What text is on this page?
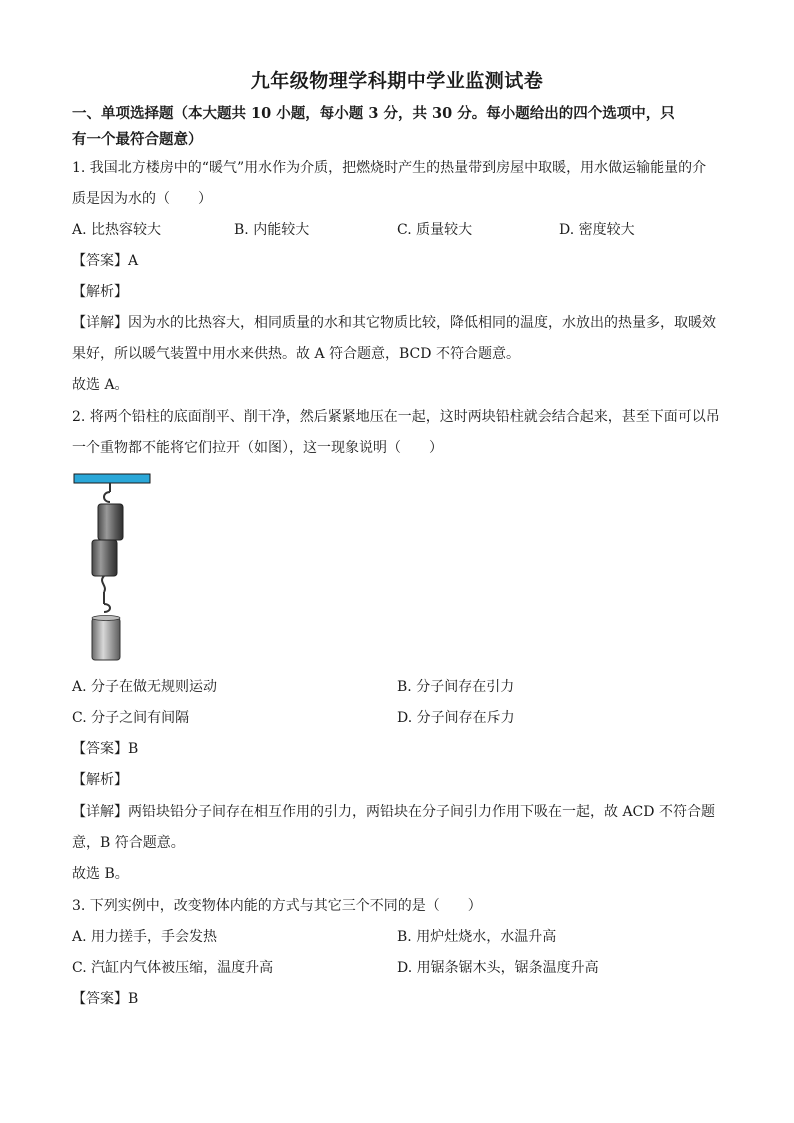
九年级物理学科期中学业监测试卷
一、单项选择题（本大题共 10 小题，每小题 3 分，共 30 分。每小题给出的四个选项中，只
有一个最符合题意）
1. 我国北方楼房中的“暖气”用水作为介质，把燃烧时产生的热量带到房屋中取暖，用水做运输能量的介
质是因为水的（　　）
A. 比热容较大	B. 内能较大	C. 质量较大	D. 密度较大
【答案】A
【解析】
【详解】因为水的比热容大，相同质量的水和其它物质比较，降低相同的温度，水放出的热量多，取暖效
果好，所以暖气装置中用水来供热。故 A 符合题意，BCD 不符合题意。
故选 A。
2. 将两个铅柱的底面削平、削干净，然后紧紧地压在一起，这时两块铅柱就会结合起来，甚至下面可以吊
一个重物都不能将它们拉开（如图），这一现象说明（　　）
A. 分子在做无规则运动	B. 分子间存在引力
C. 分子之间有间隔	D. 分子间存在斥力
【答案】B
【解析】
【详解】两铅块铅分子间存在相互作用的引力，两铅块在分子间引力作用下吸在一起，故 ACD 不符合题
意，B 符合题意。
故选 B。
3. 下列实例中，改变物体内能的方式与其它三个不同的是（　　）
A. 用力搓手，手会发热	B. 用炉灶烧水，水温升高
C. 汽缸内气体被压缩，温度升高	D. 用锯条锯木头，锯条温度升高
【答案】B
